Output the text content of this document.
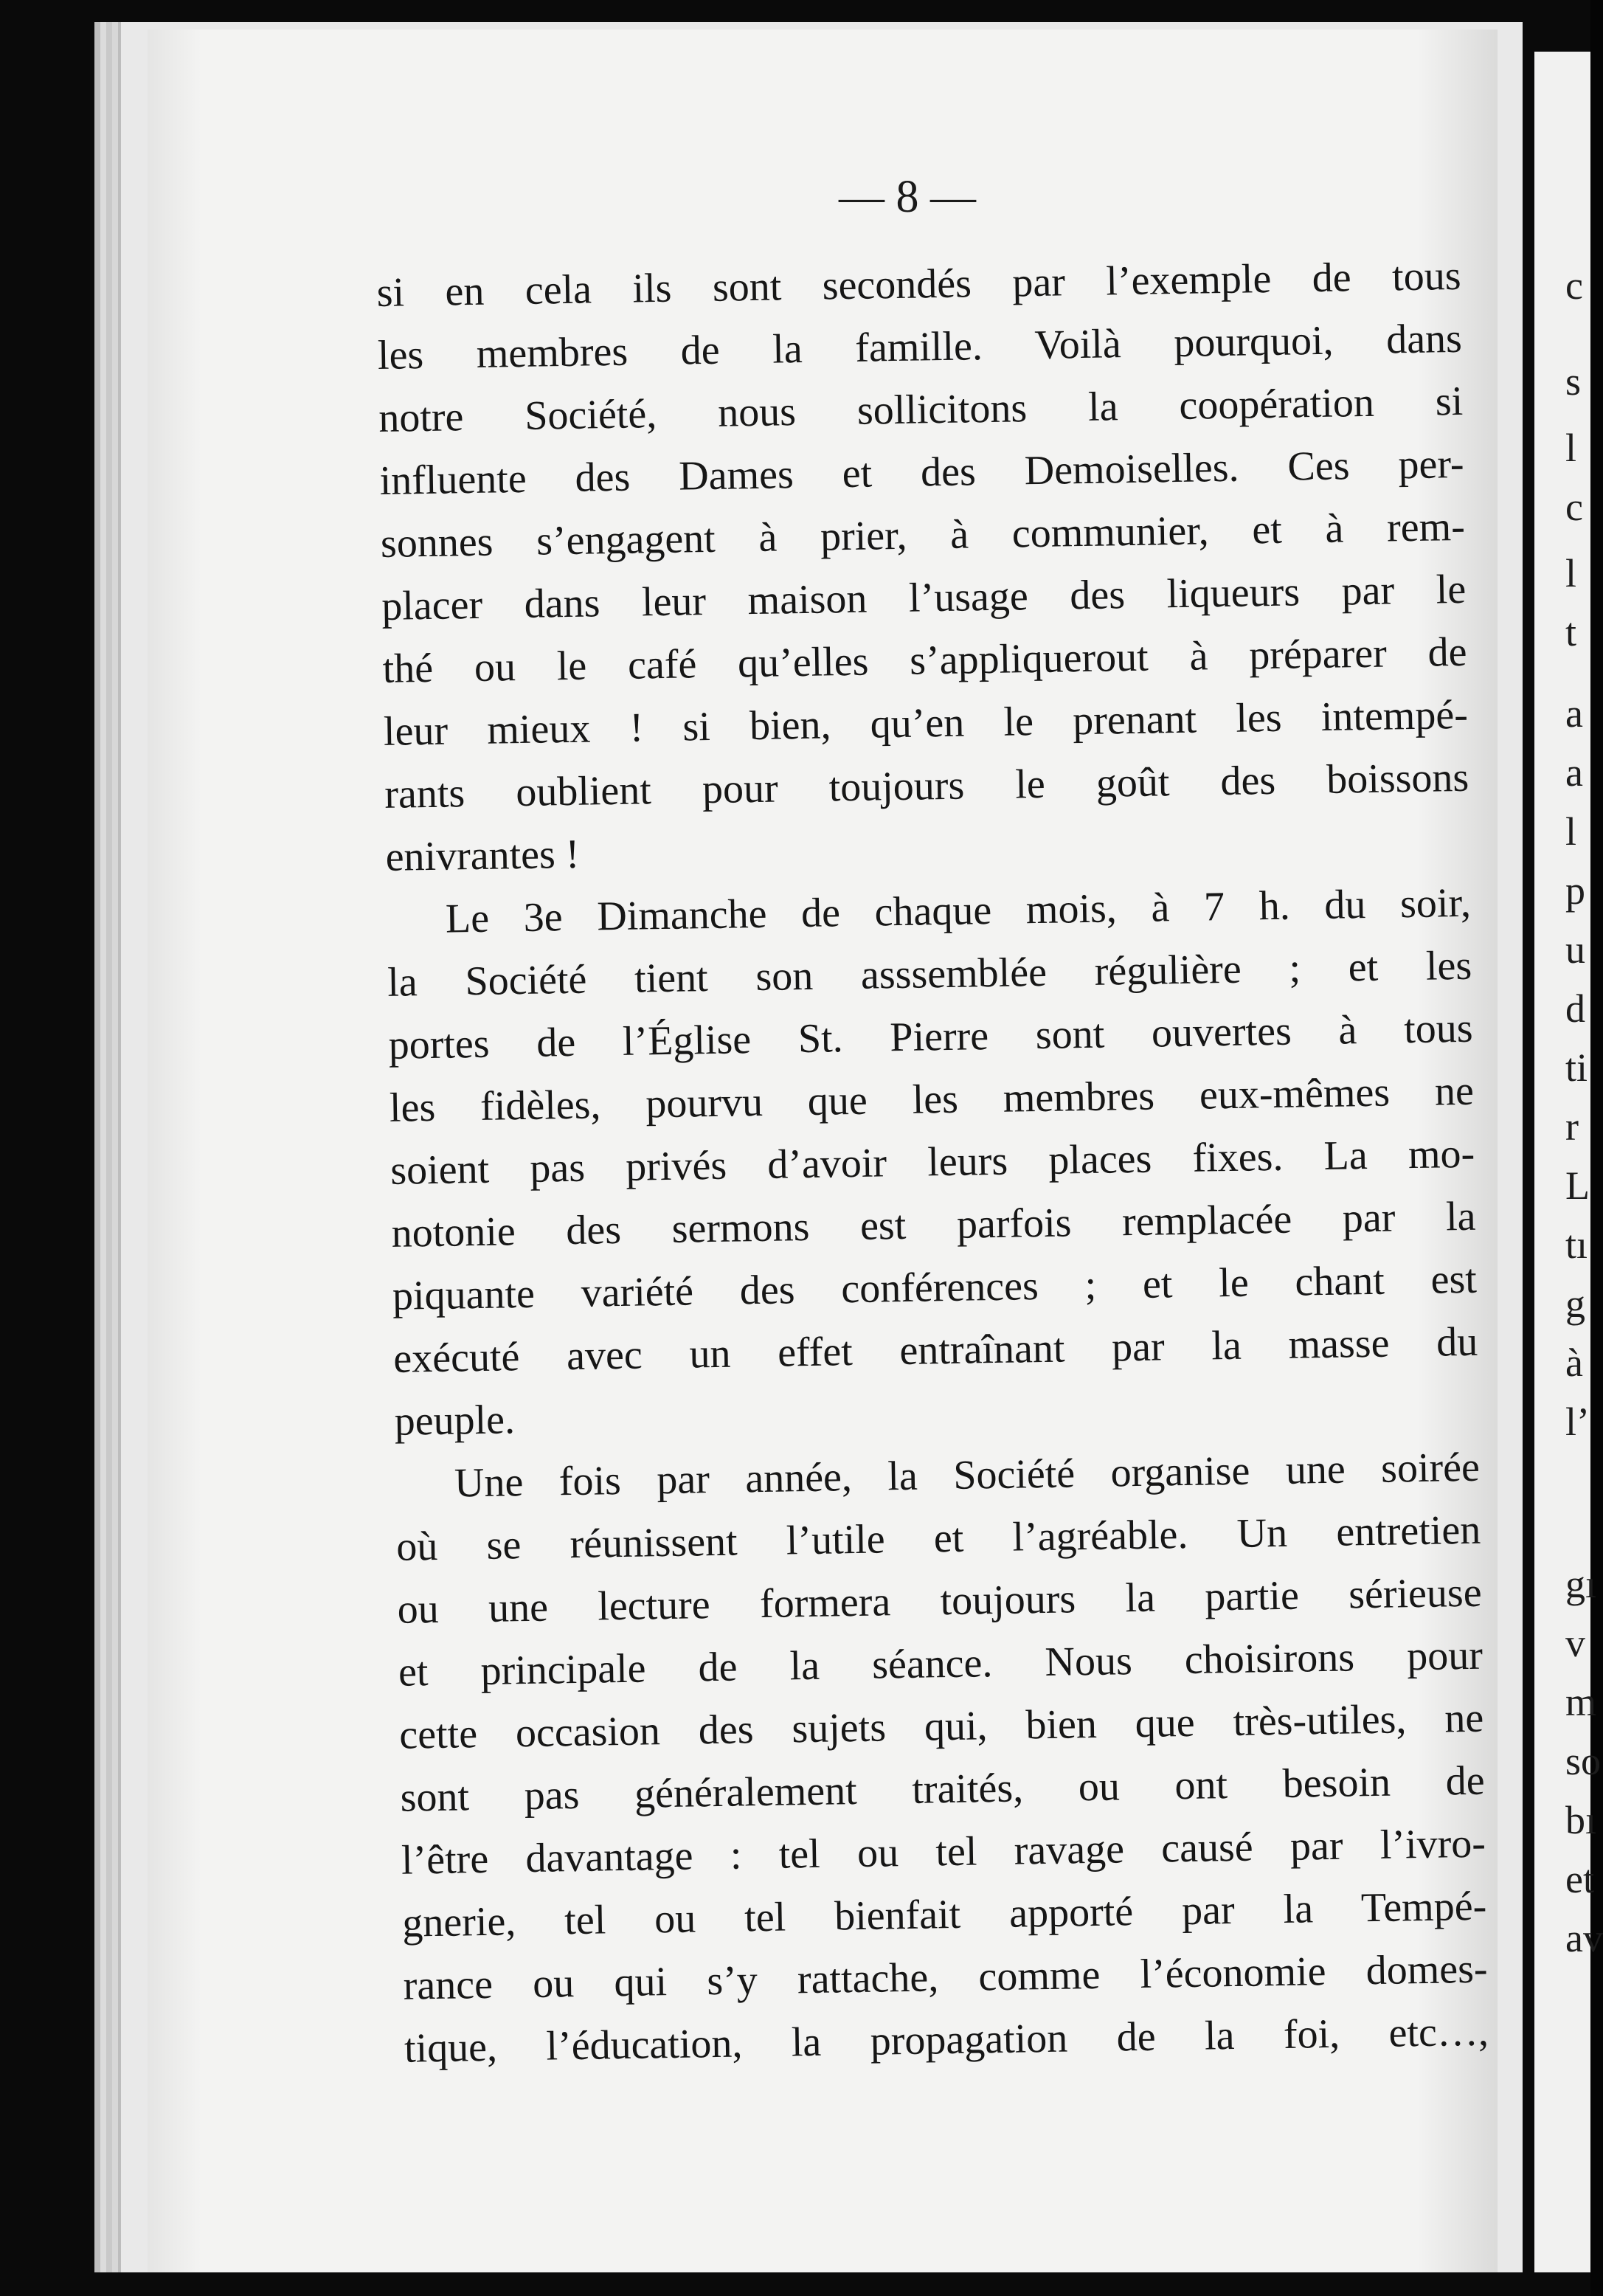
— 8 —
si en cela ils sont secondés par l’exemple de tous
les membres de la famille. Voilà pourquoi, dans
notre Société, nous sollicitons la coopération si
influente des Dames et des Demoiselles. Ces per-
sonnes s’engagent à prier, à communier, et à rem-
placer dans leur maison l’usage des liqueurs par le
thé ou le café qu’elles s’appliquerout à préparer de
leur mieux ! si bien, qu’en le prenant les intempé-
rants oublient pour toujours le goût des boissons
enivrantes !
Le 3e Dimanche de chaque mois, à 7 h. du soir,
la Société tient son asssemblée régulière ; et les
portes de l’Église St. Pierre sont ouvertes à tous
les fidèles, pourvu que les membres eux-mêmes ne
soient pas privés d’avoir leurs places fixes. La mo-
notonie des sermons est parfois remplacée par la
piquante variété des conférences ; et le chant est
exécuté avec un effet entraînant par la masse du
peuple.
Une fois par année, la Société organise une soirée
où se réunissent l’utile et l’agréable. Un entretien
ou une lecture formera toujours la partie sérieuse
et principale de la séance. Nous choisirons pour
cette occasion des sujets qui, bien que très-utiles, ne
sont pas généralement traités, ou ont besoin de
l’être davantage : tel ou tel ravage causé par l’ivro-
gnerie, tel ou tel bienfait apporté par la Tempé-
rance ou qui s’y rattache, comme l’économie domes-
tique, l’éducation, la propagation de la foi, etc…,
c
s
l
c
l
t
a
a
l
p
u
d
ti
r
L
tı
g
à
l’
gı
v
m
so
bı
et
av
